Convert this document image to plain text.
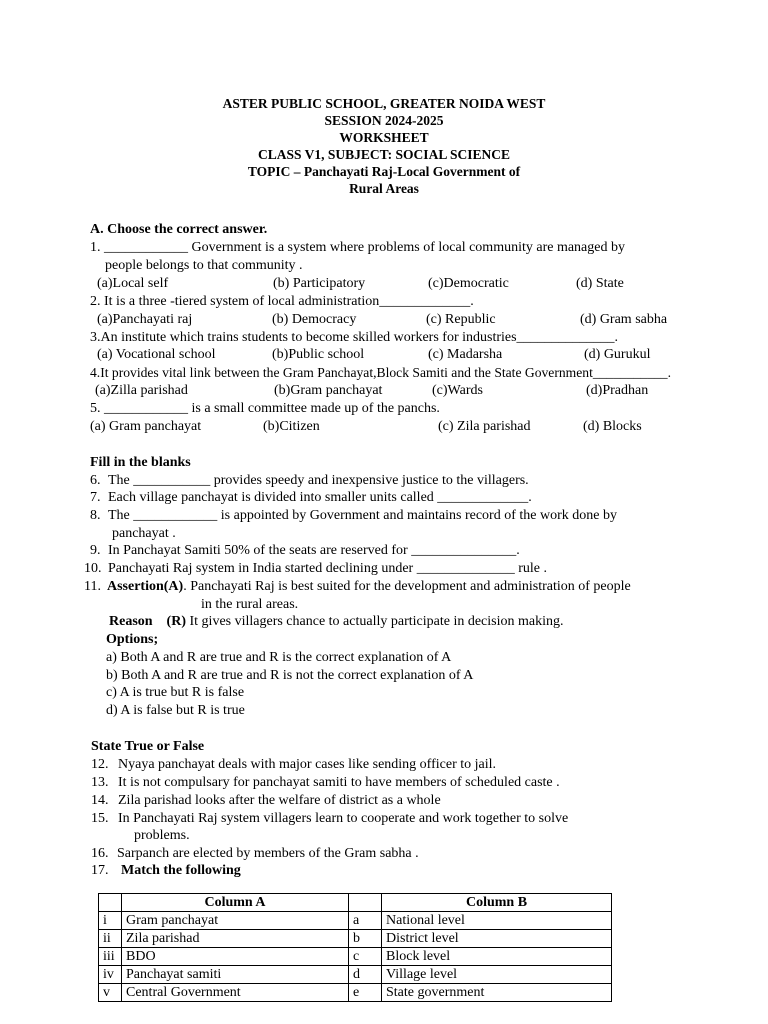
ASTER PUBLIC SCHOOL, GREATER NOIDA WEST
SESSION 2024-2025
WORKSHEET
CLASS V1, SUBJECT: SOCIAL SCIENCE
TOPIC – Panchayati Raj-Local Government of
Rural Areas
A. Choose the correct answer.
1. ____________ Government is a system where problems of local community are managed by
people belongs to that community .
(a)Local self	(b) Participatory	(c)Democratic	(d) State
2. It is a three -tiered system of local administration_____________.
(a)Panchayati raj	(b) Democracy	(c) Republic	(d) Gram sabha
3.An institute which trains students to become skilled workers for industries______________.
(a) Vocational school	(b)Public school	(c) Madarsha	(d) Gurukul
4.It provides vital link between the Gram Panchayat,Block Samiti and the State Government___________.
(a)Zilla parishad	(b)Gram panchayat	(c)Wards	(d)Pradhan
5. ____________ is a small committee made up of the panchs.
(a) Gram panchayat	(b)Citizen	(c) Zila parishad	(d) Blocks
Fill in the blanks
6. The ___________ provides speedy and inexpensive justice to the villagers.
7. Each village panchayat is divided into smaller units called _____________.
8. The ____________ is appointed by Government and maintains record of the work done by
panchayat .
9. In Panchayat Samiti 50% of the seats are reserved for _______________.
10. Panchayati Raj system in India started declining under ______________ rule .
11. Assertion(A). Panchayati Raj is best suited for the development and administration of people
in the rural areas.
Reason    (R) It gives villagers chance to actually participate in decision making.
Options;
a) Both A and R are true and R is the correct explanation of A
b) Both A and R are true and R is not the correct explanation of A
c) A is true but R is false
d) A is false but R is true
State True or False
12. Nyaya panchayat deals with major cases like sending officer to jail.
13. It is not compulsary for panchayat samiti to have members of scheduled caste .
14. Zila parishad looks after the welfare of district as a whole
15. In Panchayati Raj system villagers learn to cooperate and work together to solve
problems.
16. Sarpanch are elected by members of the Gram sabha .
17. Match the following
	Column A		Column B
i	Gram panchayat	a	National level
ii	Zila parishad	b	District level
iii	BDO	c	Block level
iv	Panchayat samiti	d	Village level
v	Central Government	e	State government
